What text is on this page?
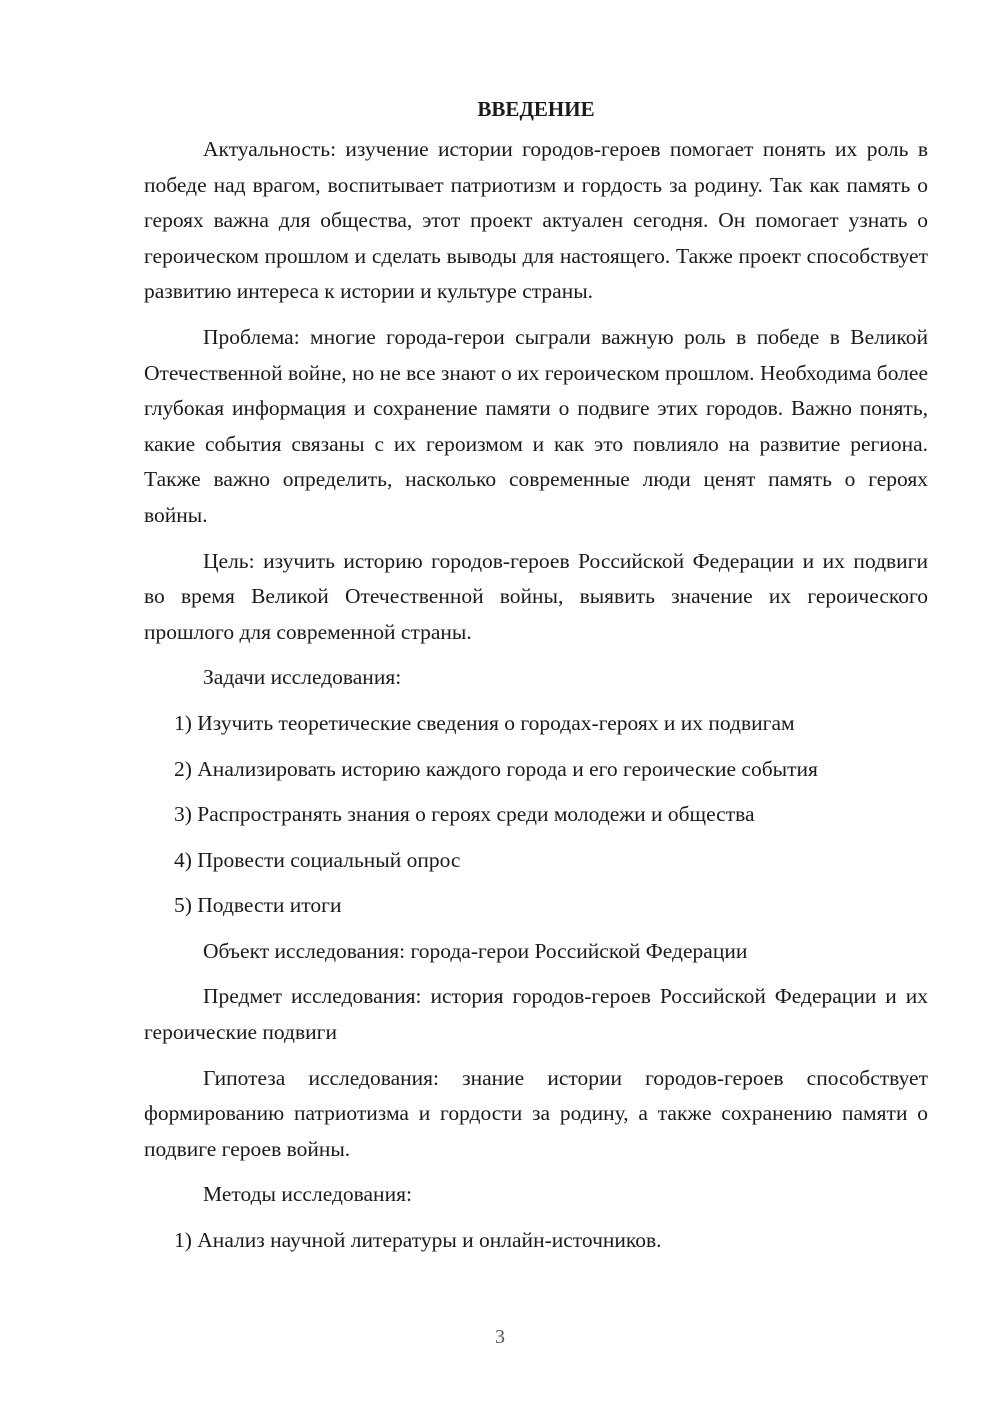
ВВЕДЕНИЕ

Актуальность: изучение истории городов-героев помогает понять их роль в победе над врагом, воспитывает патриотизм и гордость за родину. Так как память о героях важна для общества, этот проект актуален сегодня. Он помогает узнать о героическом прошлом и сделать выводы для настоящего. Также проект способствует развитию интереса к истории и культуре страны.

Проблема: многие города-герои сыграли важную роль в победе в Великой Отечественной войне, но не все знают о их героическом прошлом. Необходима более глубокая информация и сохранение памяти о подвиге этих городов. Важно понять, какие события связаны с их героизмом и как это повлияло на развитие региона. Также важно определить, насколько современные люди ценят память о героях войны.

Цель: изучить историю городов-героев Российской Федерации и их подвиги во время Великой Отечественной войны, выявить значение их героического прошлого для современной страны.

Задачи исследования:
1) Изучить теоретические сведения о городах-героях и их подвигам
2) Анализировать историю каждого города и его героические события
3) Распространять знания о героях среди молодежи и общества
4) Провести социальный опрос
5) Подвести итоги
Объект исследования: города-герои Российской Федерации

Предмет исследования: история городов-героев Российской Федерации и их героические подвиги

Гипотеза исследования: знание истории городов-героев способствует формированию патриотизма и гордости за родину, а также сохранению памяти о подвиге героев войны.

Методы исследования:
1) Анализ научной литературы и онлайн-источников.
3
